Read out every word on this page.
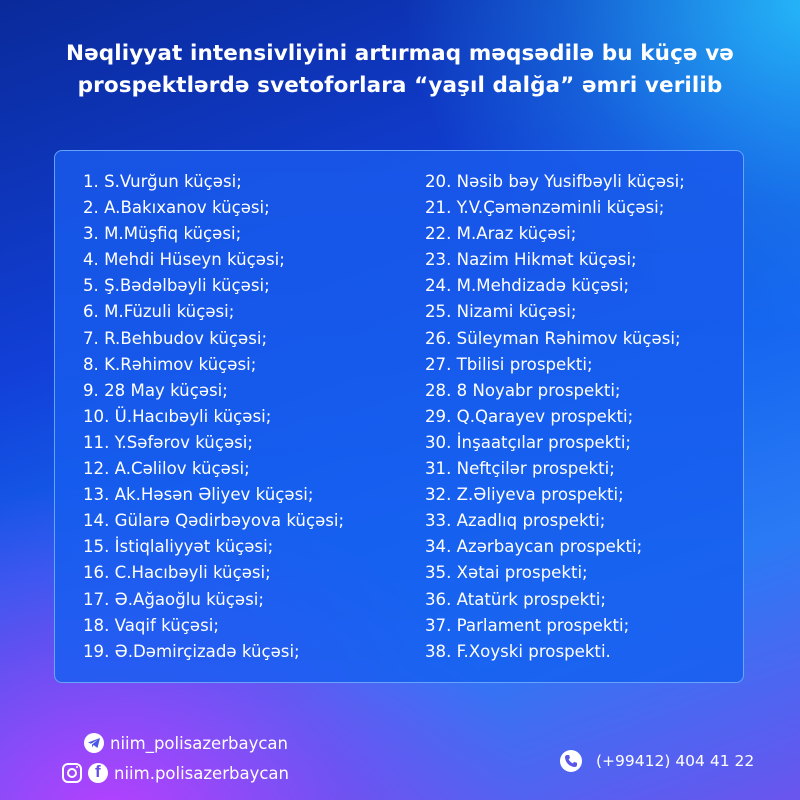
Nəqliyyat intensivliyini artırmaq məqsədilə bu küçə və
prospektlərdə svetoforlara “yaşıl dalğa” əmri verilib
1. S.Vurğun küçəsi;
2. A.Bakıxanov küçəsi;
3. M.Müşfiq küçəsi;
4. Mehdi Hüseyn küçəsi;
5. Ş.Bədəlbəyli küçəsi;
6. M.Füzuli küçəsi;
7. R.Behbudov küçəsi;
8. K.Rəhimov küçəsi;
9. 28 May küçəsi;
10. Ü.Hacıbəyli küçəsi;
11. Y.Səfərov küçəsi;
12. A.Cəlilov küçəsi;
13. Ak.Həsən Əliyev küçəsi;
14. Gülarə Qədirbəyova küçəsi;
15. İstiqlaliyyət küçəsi;
16. C.Hacıbəyli küçəsi;
17. Ə.Ağaoğlu küçəsi;
18. Vaqif küçəsi;
19. Ə.Dəmirçizadə küçəsi;
20. Nəsib bəy Yusifbəyli küçəsi;
21. Y.V.Çəmənzəminli küçəsi;
22. M.Araz küçəsi;
23. Nazim Hikmət küçəsi;
24. M.Mehdizadə küçəsi;
25. Nizami küçəsi;
26. Süleyman Rəhimov küçəsi;
27. Tbilisi prospekti;
28. 8 Noyabr prospekti;
29. Q.Qarayev prospekti;
30. İnşaatçılar prospekti;
31. Neftçilər prospekti;
32. Z.Əliyeva prospekti;
33. Azadlıq prospekti;
34. Azərbaycan prospekti;
35. Xətai prospekti;
36. Atatürk prospekti;
37. Parlament prospekti;
38. F.Xoyski prospekti.
niim_polisazerbaycan
f niim.polisazerbaycan
(+99412) 404 41 22
